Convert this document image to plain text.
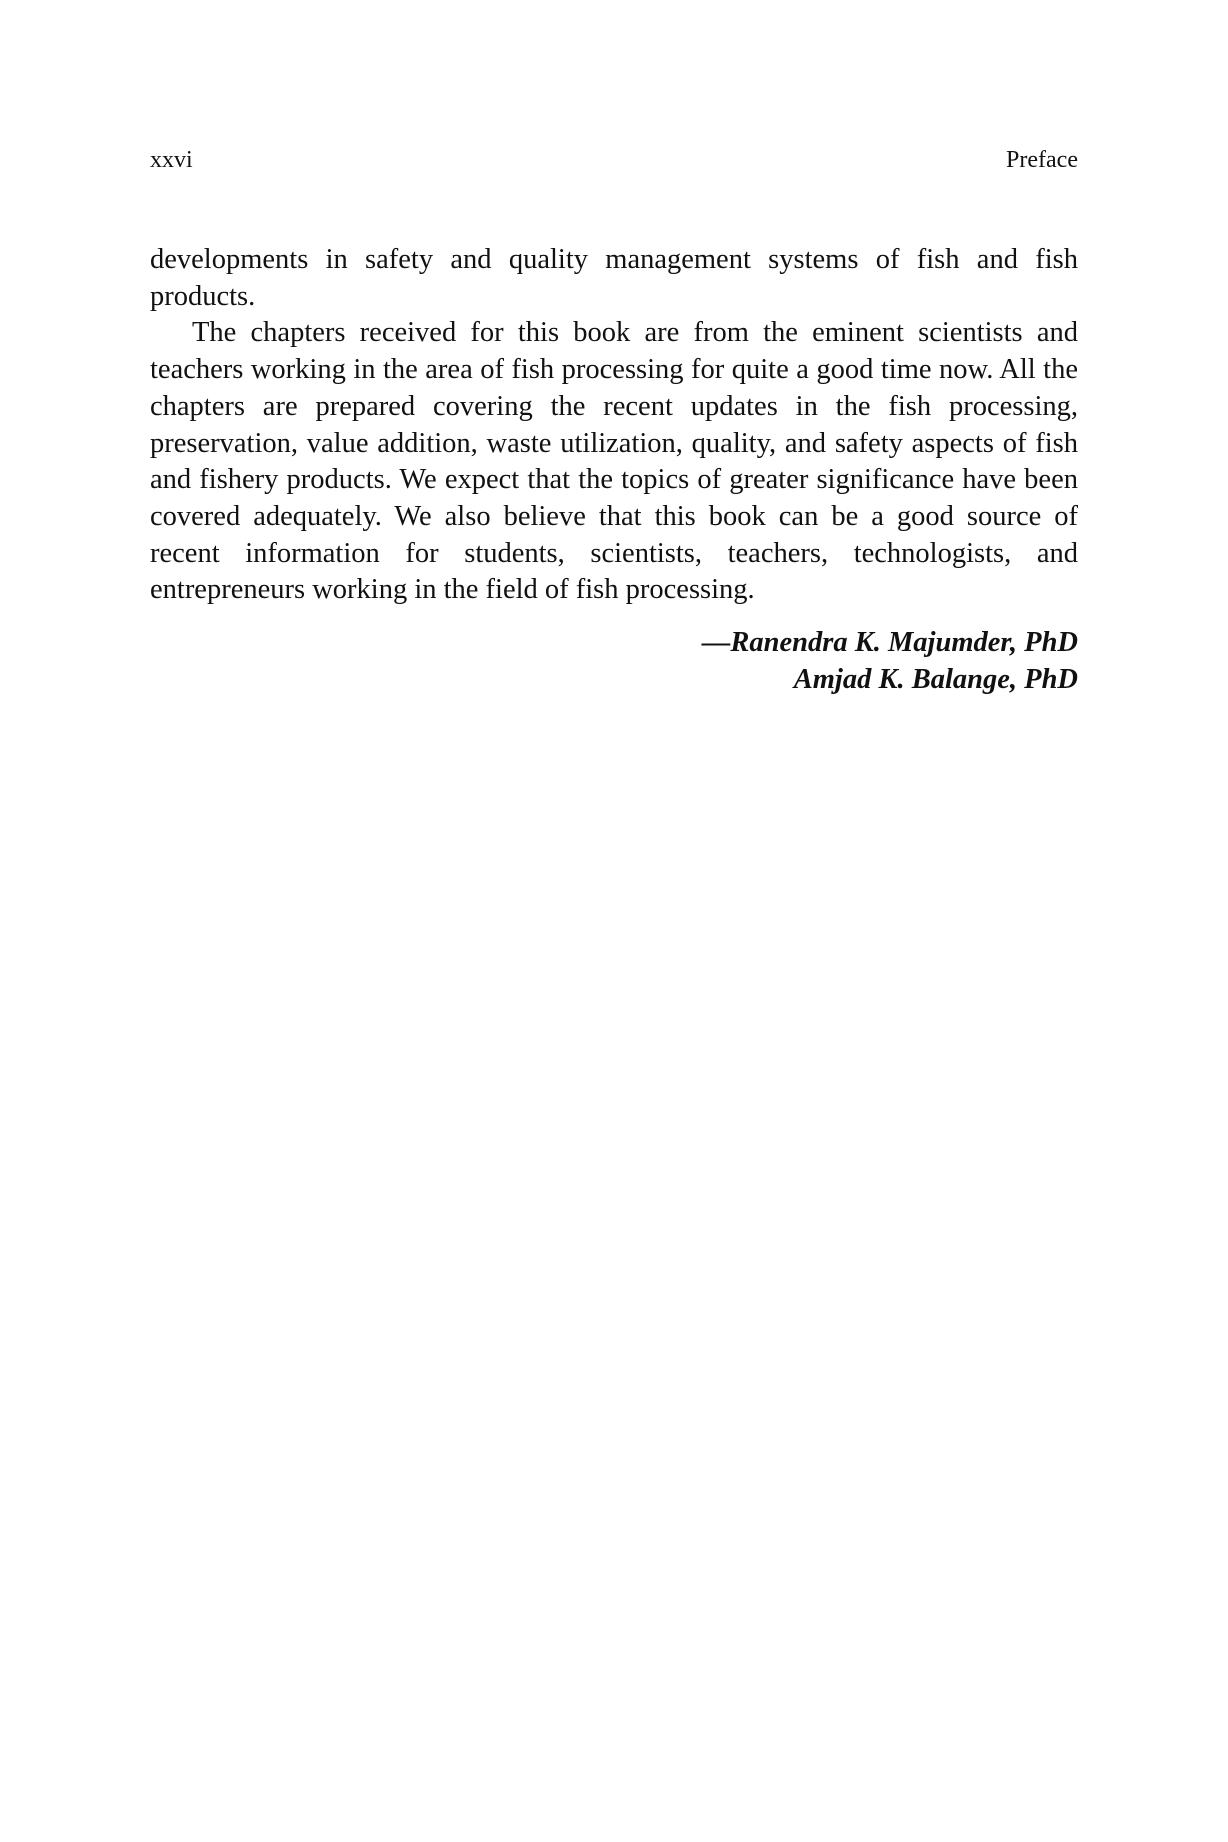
xxvi	Preface

developments in safety and quality management systems of fish and fish products.

The chapters received for this book are from the eminent scientists and teachers working in the area of fish processing for quite a good time now. All the chapters are prepared covering the recent updates in the fish processing, preservation, value addition, waste utilization, quality, and safety aspects of fish and fishery products. We expect that the topics of greater significance have been covered adequately. We also believe that this book can be a good source of recent information for students, scientists, teachers, technologists, and entrepreneurs working in the field of fish processing.

—Ranendra K. Majumder, PhD
Amjad K. Balange, PhD
